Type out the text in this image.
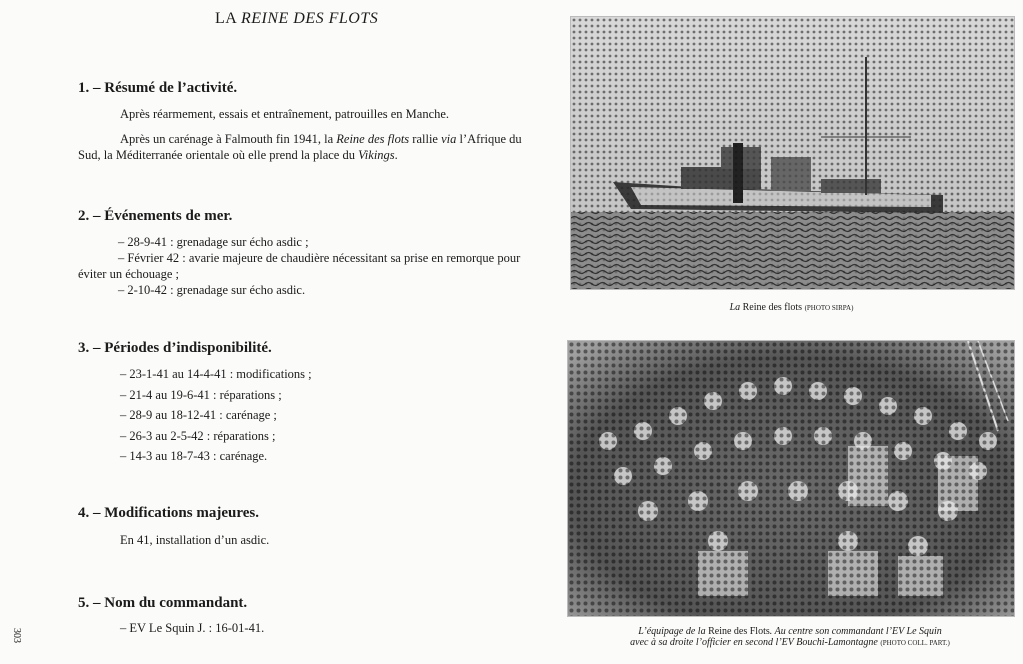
LA REINE DES FLOTS
1. – Résumé de l’activité.
Après réarmement, essais et entraînement, patrouilles en Manche.
Après un carénage à Falmouth fin 1941, la Reine des flots rallie via l’Afrique du Sud, la Méditerranée orientale où elle prend la place du Vikings.
2. – Événements de mer.
– 28-9-41 : grenadage sur écho asdic ;
– Février 42 : avarie majeure de chaudière nécessitant sa prise en remorque pour éviter un échouage ;
– 2-10-42 : grenadage sur écho asdic.
3. – Périodes d’indisponibilité.
– 23-1-41 au 14-4-41 : modifications ;
– 21-4 au 19-6-41 : réparations ;
– 28-9 au 18-12-41 : carénage ;
– 26-3 au 2-5-42 : réparations ;
– 14-3 au 18-7-43 : carénage.
4. – Modifications majeures.
En 41, installation d’un asdic.
5. – Nom du commandant.
– EV Le Squin J. : 16-01-41.
303
La Reine des flots (PHOTO SIRPA)
L’équipage de la Reine des Flots. Au centre son commandant l’EV Le Squin
avec à sa droite l’officier en second l’EV Bouchi-Lamontagne (PHOTO COLL. PART.)
